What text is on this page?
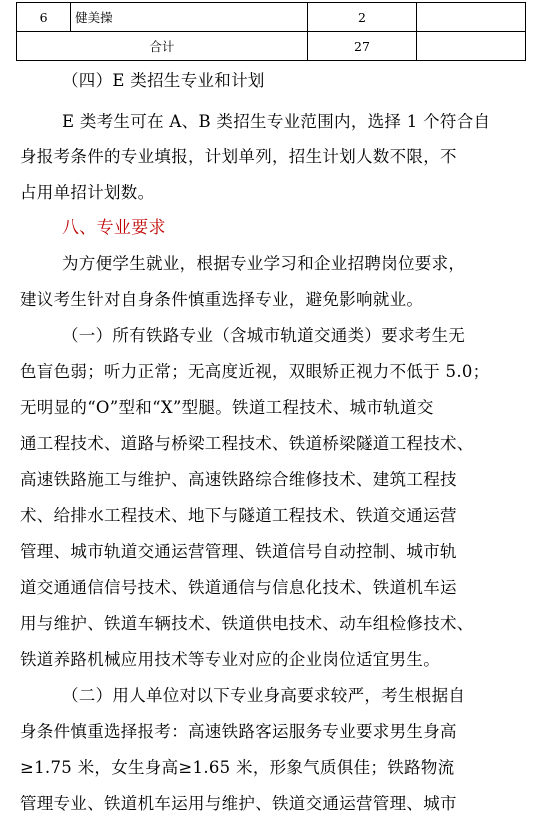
6	健美操	2	
合计		27	
（四）E 类招生专业和计划
E 类考生可在 A、B 类招生专业范围内，选择 1 个符合自
身报考条件的专业填报，计划单列，招生计划人数不限，不
占用单招计划数。
八、专业要求
为方便学生就业，根据专业学习和企业招聘岗位要求，
建议考生针对自身条件慎重选择专业，避免影响就业。
（一）所有铁路专业（含城市轨道交通类）要求考生无
色盲色弱；听力正常；无高度近视，双眼矫正视力不低于 5.0；
无明显的“O”型和“X”型腿。铁道工程技术、城市轨道交
通工程技术、道路与桥梁工程技术、铁道桥梁隧道工程技术、
高速铁路施工与维护、高速铁路综合维修技术、建筑工程技
术、给排水工程技术、地下与隧道工程技术、铁道交通运营
管理、城市轨道交通运营管理、铁道信号自动控制、城市轨
道交通通信信号技术、铁道通信与信息化技术、铁道机车运
用与维护、铁道车辆技术、铁道供电技术、动车组检修技术、
铁道养路机械应用技术等专业对应的企业岗位适宜男生。
（二）用人单位对以下专业身高要求较严，考生根据自
身条件慎重选择报考：高速铁路客运服务专业要求男生身高
≥1.75 米，女生身高≥1.65 米，形象气质俱佳；铁路物流
管理专业、铁道机车运用与维护、铁道交通运营管理、城市
